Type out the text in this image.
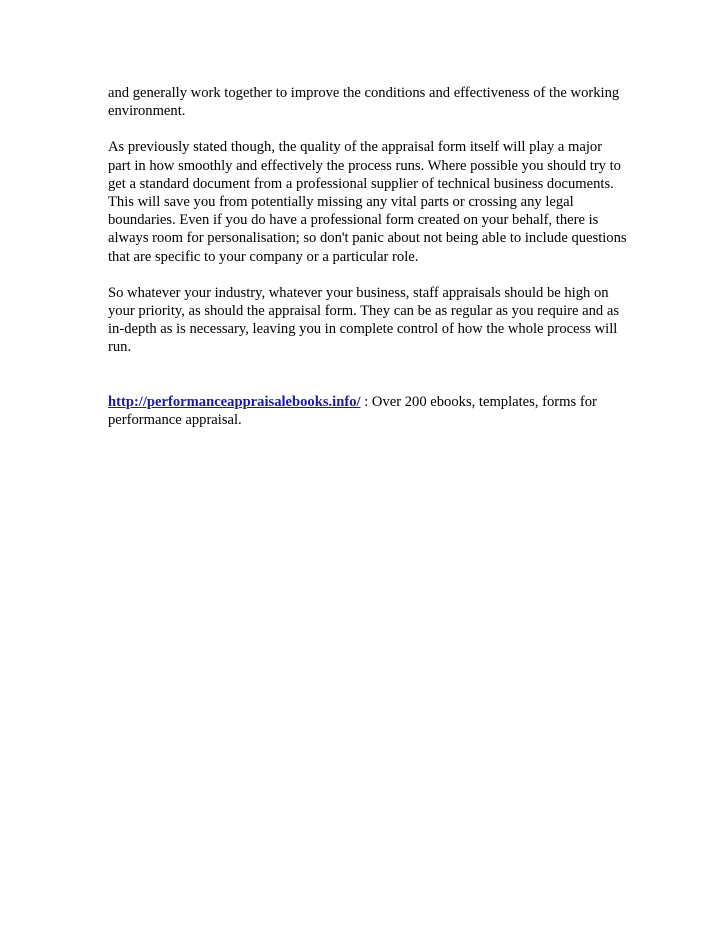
and generally work together to improve the conditions and effectiveness of the working environment.

As previously stated though, the quality of the appraisal form itself will play a major part in how smoothly and effectively the process runs. Where possible you should try to get a standard document from a professional supplier of technical business documents. This will save you from potentially missing any vital parts or crossing any legal boundaries. Even if you do have a professional form created on your behalf, there is always room for personalisation; so don't panic about not being able to include questions that are specific to your company or a particular role.

So whatever your industry, whatever your business, staff appraisals should be high on your priority, as should the appraisal form. They can be as regular as you require and as in-depth as is necessary, leaving you in complete control of how the whole process will run.

http://performanceappraisalebooks.info/ : Over 200 ebooks, templates, forms for performance appraisal.
